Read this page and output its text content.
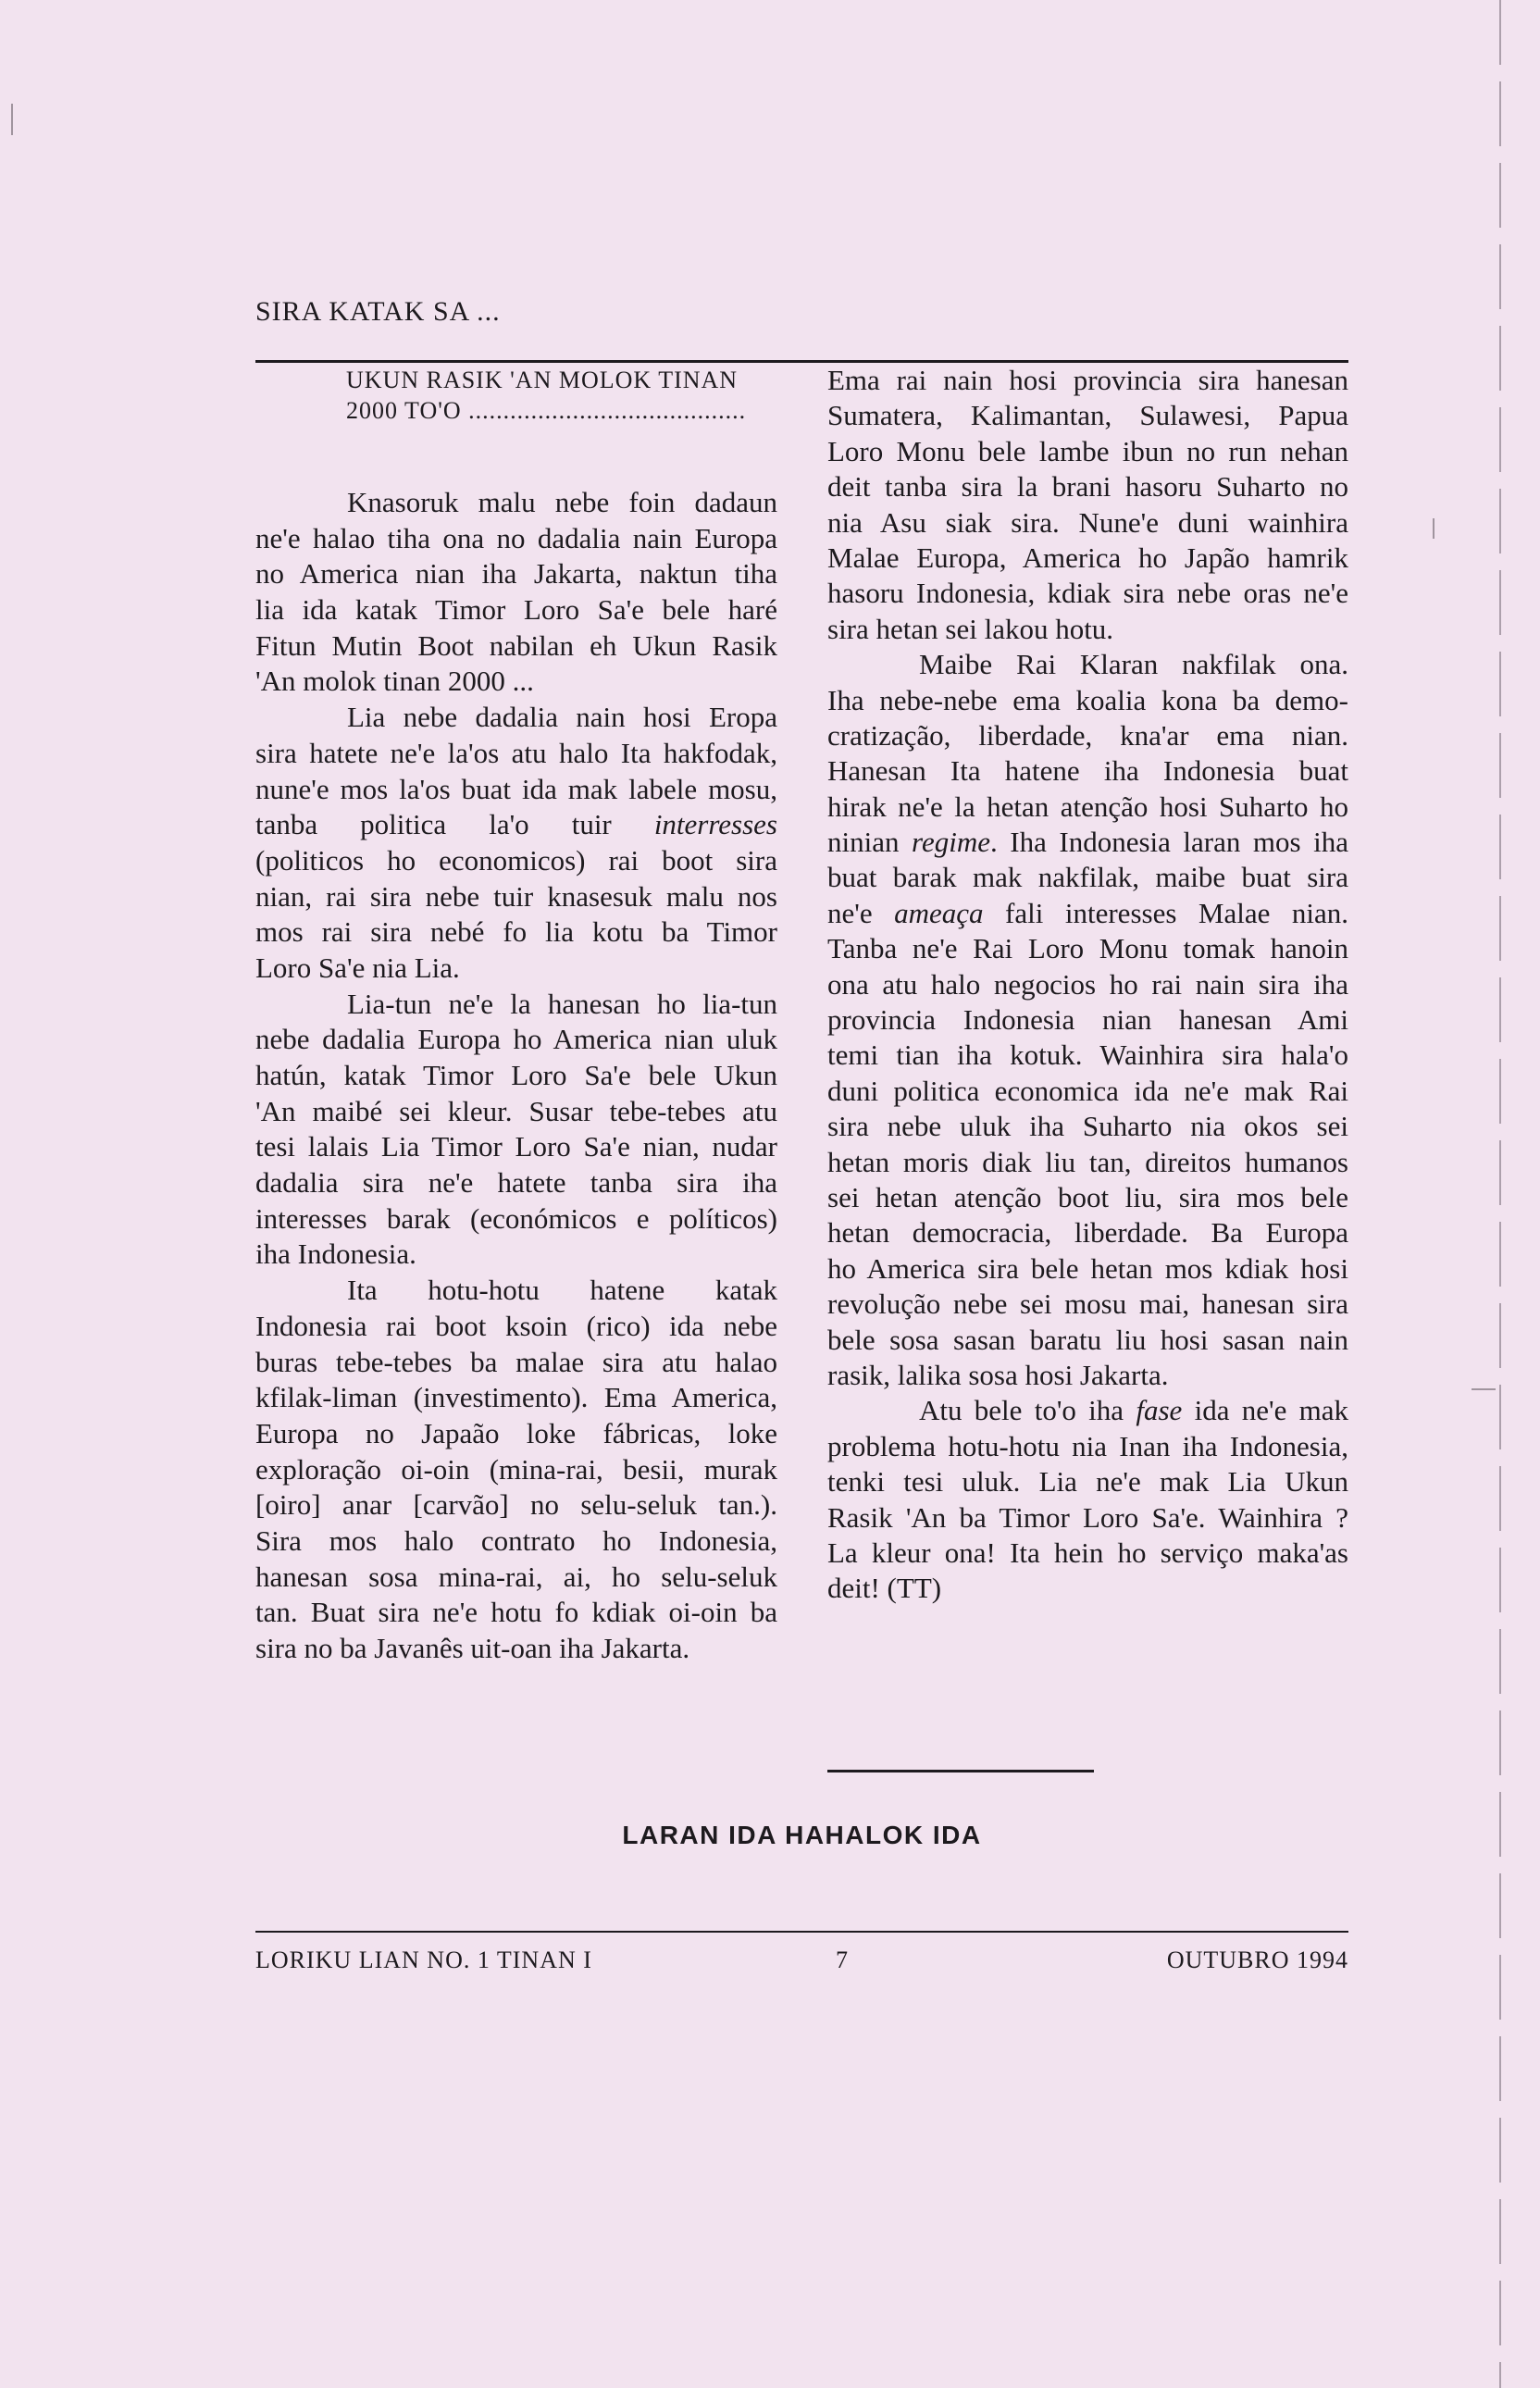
SIRA KATAK SA ...
UKUN RASIK 'AN MOLOK TINAN
2000 TO'O ........................................
Knasoruk malu nebe foin dadaun
ne'e halao tiha ona no dadalia nain Europa
no America nian iha Jakarta, naktun tiha
lia ida katak Timor Loro Sa'e bele haré
Fitun Mutin Boot nabilan eh Ukun Rasik
'An molok tinan 2000 ...
Lia nebe dadalia nain hosi Eropa
sira hatete ne'e la'os atu halo Ita hakfodak,
nune'e mos la'os buat ida mak labele mosu,
tanba politica la'o tuir interresses
(politicos ho economicos) rai boot sira
nian, rai sira nebe tuir knasesuk malu nos
mos rai sira nebé fo lia kotu ba Timor
Loro Sa'e nia Lia.
Lia-tun ne'e la hanesan ho lia-tun
nebe dadalia Europa ho America nian uluk
hatún, katak Timor Loro Sa'e bele Ukun
'An maibé sei kleur. Susar tebe-tebes atu
tesi lalais Lia Timor Loro Sa'e nian, nudar
dadalia sira ne'e hatete tanba sira iha
interesses barak (económicos e políticos)
iha Indonesia.
Ita hotu-hotu hatene katak
Indonesia rai boot ksoin (rico) ida nebe
buras tebe-tebes ba malae sira atu halao
kfilak-liman (investimento). Ema America,
Europa no Japaão loke fábricas, loke
exploração oi-oin (mina-rai, besii, murak
[oiro] anar [carvão] no selu-seluk tan.).
Sira mos halo contrato ho Indonesia,
hanesan sosa mina-rai, ai, ho selu-seluk
tan. Buat sira ne'e hotu fo kdiak oi-oin ba
sira no ba Javanês uit-oan iha Jakarta.
Ema rai nain hosi provincia sira hanesan
Sumatera, Kalimantan, Sulawesi, Papua
Loro Monu bele lambe ibun no run nehan
deit tanba sira la brani hasoru Suharto no
nia Asu siak sira. Nune'e duni wainhira
Malae Europa, America ho Japão hamrik
hasoru Indonesia, kdiak sira nebe oras ne'e
sira hetan sei lakou hotu.
Maibe Rai Klaran nakfilak ona.
Iha nebe-nebe ema koalia kona ba demo-
cratização, liberdade, kna'ar ema nian.
Hanesan Ita hatene iha Indonesia buat
hirak ne'e la hetan atenção hosi Suharto ho
ninian regime. Iha Indonesia laran mos iha
buat barak mak nakfilak, maibe buat sira
ne'e ameaça fali interesses Malae nian.
Tanba ne'e Rai Loro Monu tomak hanoin
ona atu halo negocios ho rai nain sira iha
provincia Indonesia nian hanesan Ami
temi tian iha kotuk. Wainhira sira hala'o
duni politica economica ida ne'e mak Rai
sira nebe uluk iha Suharto nia okos sei
hetan moris diak liu tan, direitos humanos
sei hetan atenção boot liu, sira mos bele
hetan democracia, liberdade. Ba Europa
ho America sira bele hetan mos kdiak hosi
revolução nebe sei mosu mai, hanesan sira
bele sosa sasan baratu liu hosi sasan nain
rasik, lalika sosa hosi Jakarta.
Atu bele to'o iha fase ida ne'e mak
problema hotu-hotu nia Inan iha Indonesia,
tenki tesi uluk. Lia ne'e mak Lia Ukun
Rasik 'An ba Timor Loro Sa'e. Wainhira ?
La kleur ona! Ita hein ho serviço maka'as
deit! (TT)
LARAN IDA HAHALOK IDA
LORIKU LIAN NO. 1 TINAN I	7	OUTUBRO 1994
